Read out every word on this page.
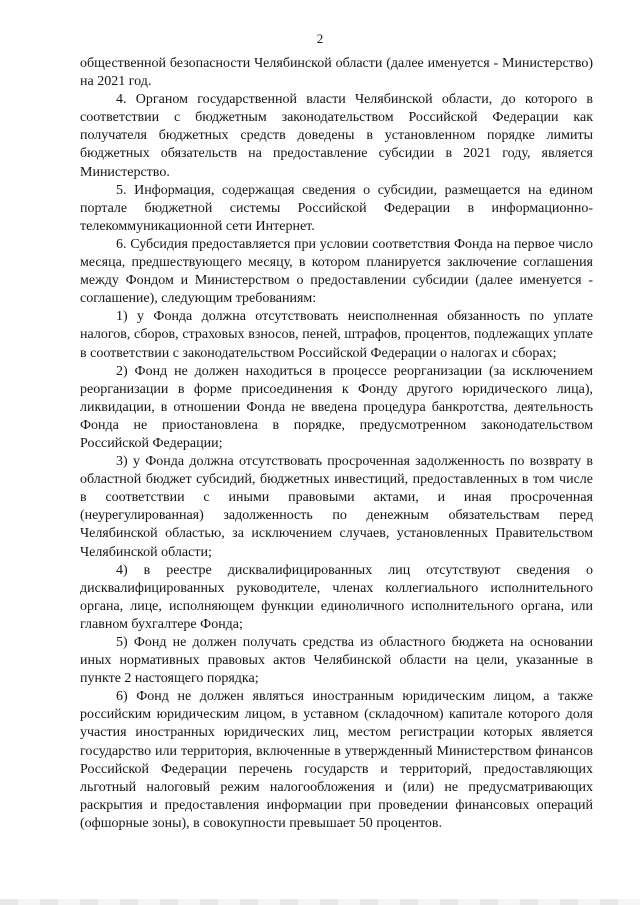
2

общественной безопасности Челябинской области (далее именуется - Министерство) на 2021 год.

4. Органом государственной власти Челябинской области, до которого в соответствии с бюджетным законодательством Российской Федерации как получателя бюджетных средств доведены в установленном порядке лимиты бюджетных обязательств на предоставление субсидии в 2021 году, является Министерство.

5. Информация, содержащая сведения о субсидии, размещается на едином портале бюджетной системы Российской Федерации в информационно-телекоммуникационной сети Интернет.

6. Субсидия предоставляется при условии соответствия Фонда на первое число месяца, предшествующего месяцу, в котором планируется заключение соглашения между Фондом и Министерством о предоставлении субсидии (далее именуется - соглашение), следующим требованиям:

1) у Фонда должна отсутствовать неисполненная обязанность по уплате налогов, сборов, страховых взносов, пеней, штрафов, процентов, подлежащих уплате в соответствии с законодательством Российской Федерации о налогах и сборах;

2) Фонд не должен находиться в процессе реорганизации (за исключением реорганизации в форме присоединения к Фонду другого юридического лица), ликвидации, в отношении Фонда не введена процедура банкротства, деятельность Фонда не приостановлена в порядке, предусмотренном законодательством Российской Федерации;

3) у Фонда должна отсутствовать просроченная задолженность по возврату в областной бюджет субсидий, бюджетных инвестиций, предоставленных в том числе в соответствии с иными правовыми актами, и иная просроченная (неурегулированная) задолженность по денежным обязательствам перед Челябинской областью, за исключением случаев, установленных Правительством Челябинской области;

4) в реестре дисквалифицированных лиц отсутствуют сведения о дисквалифицированных руководителе, членах коллегиального исполнительного органа, лице, исполняющем функции единоличного исполнительного органа, или главном бухгалтере Фонда;

5) Фонд не должен получать средства из областного бюджета на основании иных нормативных правовых актов Челябинской области на цели, указанные в пункте 2 настоящего порядка;

6) Фонд не должен являться иностранным юридическим лицом, а также российским юридическим лицом, в уставном (складочном) капитале которого доля участия иностранных юридических лиц, местом регистрации которых является государство или территория, включенные в утвержденный Министерством финансов Российской Федерации перечень государств и территорий, предоставляющих льготный налоговый режим налогообложения и (или) не предусматривающих раскрытия и предоставления информации при проведении финансовых операций (офшорные зоны), в совокупности превышает 50 процентов.
